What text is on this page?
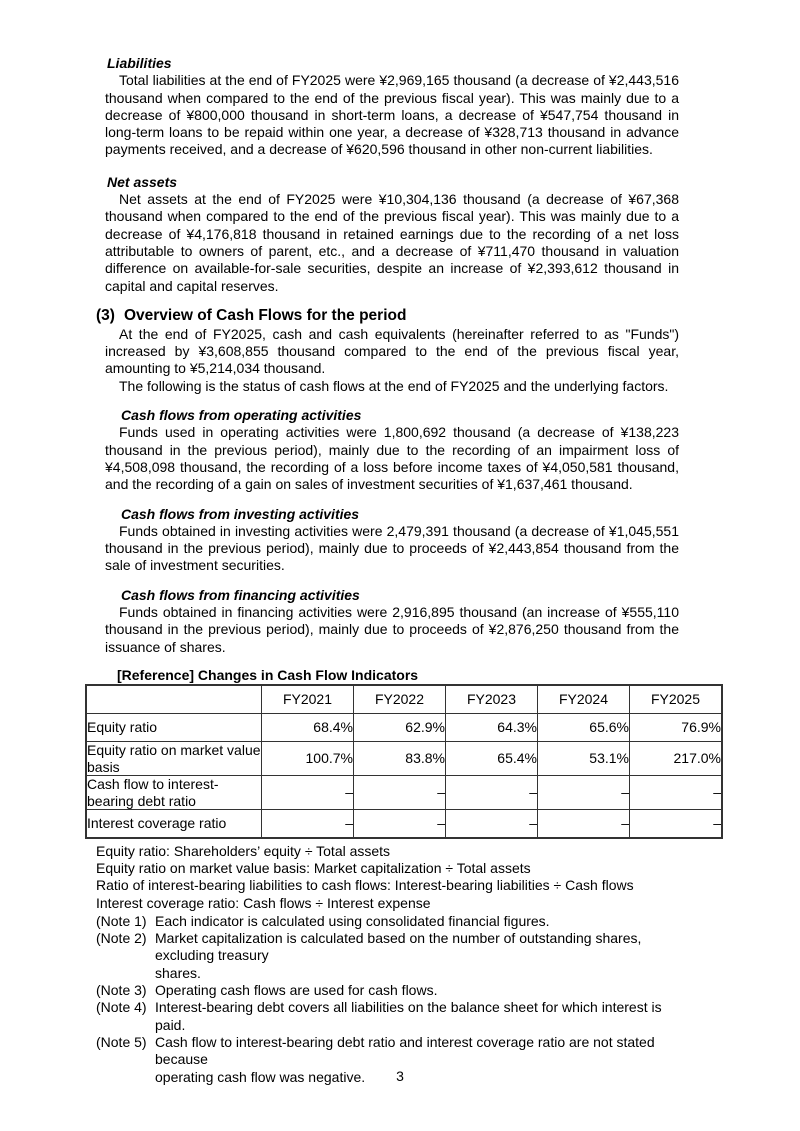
Liabilities

Total liabilities at the end of FY2025 were ¥2,969,165 thousand (a decrease of ¥2,443,516 thousand when compared to the end of the previous fiscal year). This was mainly due to a decrease of ¥800,000 thousand in short-term loans, a decrease of ¥547,754 thousand in long-term loans to be repaid within one year, a decrease of ¥328,713 thousand in advance payments received, and a decrease of ¥620,596 thousand in other non-current liabilities.

Net assets

Net assets at the end of FY2025 were ¥10,304,136 thousand (a decrease of ¥67,368 thousand when compared to the end of the previous fiscal year). This was mainly due to a decrease of ¥4,176,818 thousand in retained earnings due to the recording of a net loss attributable to owners of parent, etc., and a decrease of ¥711,470 thousand in valuation difference on available-for-sale securities, despite an increase of ¥2,393,612 thousand in capital and capital reserves.

(3) Overview of Cash Flows for the period

At the end of FY2025, cash and cash equivalents (hereinafter referred to as "Funds") increased by ¥3,608,855 thousand compared to the end of the previous fiscal year, amounting to ¥5,214,034 thousand.

The following is the status of cash flows at the end of FY2025 and the underlying factors.

Cash flows from operating activities

Funds used in operating activities were 1,800,692 thousand (a decrease of ¥138,223 thousand in the previous period), mainly due to the recording of an impairment loss of ¥4,508,098 thousand, the recording of a loss before income taxes of ¥4,050,581 thousand, and the recording of a gain on sales of investment securities of ¥1,637,461 thousand.

Cash flows from investing activities

Funds obtained in investing activities were 2,479,391 thousand (a decrease of ¥1,045,551 thousand in the previous period), mainly due to proceeds of ¥2,443,854 thousand from the sale of investment securities.

Cash flows from financing activities

Funds obtained in financing activities were 2,916,895 thousand (an increase of ¥555,110 thousand in the previous period), mainly due to proceeds of ¥2,876,250 thousand from the issuance of shares.

[Reference] Changes in Cash Flow Indicators
	FY2021	FY2022	FY2023	FY2024	FY2025
Equity ratio	68.4%	62.9%	64.3%	65.6%	76.9%
Equity ratio on market value basis	100.7%	83.8%	65.4%	53.1%	217.0%
Cash flow to interest-bearing debt ratio	–	–	–	–	–
Interest coverage ratio	–	–	–	–	–
Equity ratio: Shareholders’ equity ÷ Total assets
Equity ratio on market value basis: Market capitalization ÷ Total assets
Ratio of interest-bearing liabilities to cash flows: Interest-bearing liabilities ÷ Cash flows
Interest coverage ratio: Cash flows ÷ Interest expense
(Note 1) Each indicator is calculated using consolidated financial figures.
(Note 2) Market capitalization is calculated based on the number of outstanding shares, excluding treasury
shares.
(Note 3) Operating cash flows are used for cash flows.
(Note 4) Interest-bearing debt covers all liabilities on the balance sheet for which interest is paid.
(Note 5) Cash flow to interest-bearing debt ratio and interest coverage ratio are not stated because
operating cash flow was negative.	3
